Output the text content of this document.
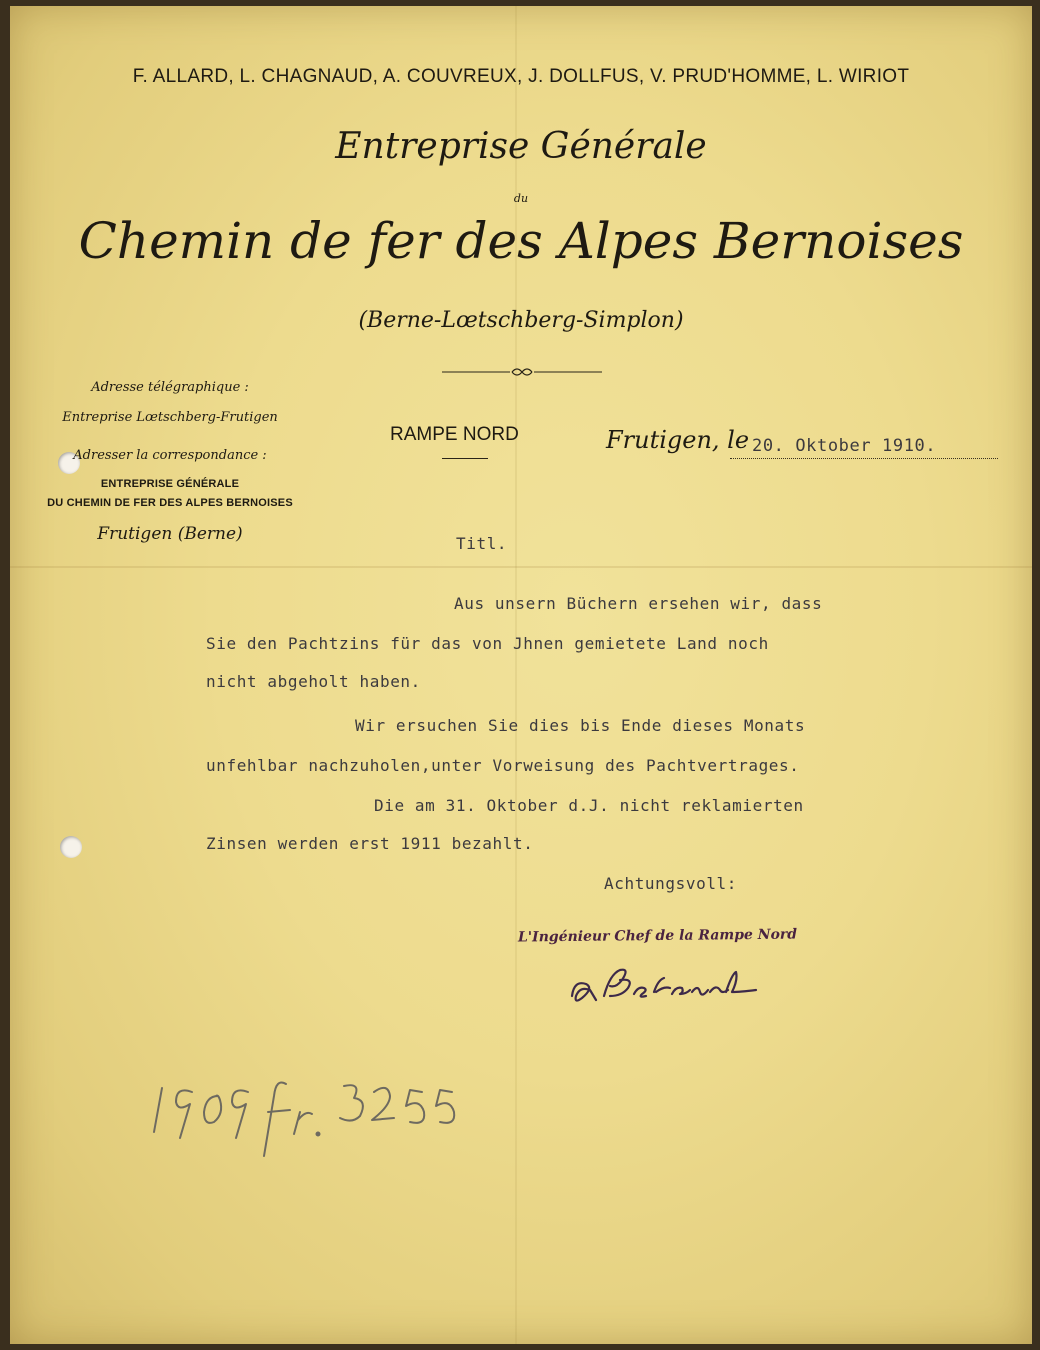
F. ALLARD, L. CHAGNAUD, A. COUVREUX, J. DOLLFUS, V. PRUD'HOMME, L. WIRIOT
Entreprise Générale
du
Chemin de fer des Alpes Bernoises
(Berne-Lœtschberg-Simplon)
Adresse télégraphique :
Entreprise Lœtschberg-Frutigen
Adresser la correspondance :
ENTREPRISE GÉNÉRALE
DU CHEMIN DE FER DES ALPES BERNOISES
Frutigen (Berne)
RAMPE NORD	Frutigen, le 20. Oktober 1910.
Titl.
Aus unsern Büchern ersehen wir, dass
Sie den Pachtzins für das von Jhnen gemietete Land noch
nicht abgeholt haben.
Wir ersuchen Sie dies bis Ende dieses Monats
unfehlbar nachzuholen,unter Vorweisung des Pachtvertrages.
Die am 31. Oktober d.J. nicht reklamierten
Zinsen werden erst 1911 bezahlt.
Achtungsvoll:
L'Ingénieur Chef de la Rampe Nord
